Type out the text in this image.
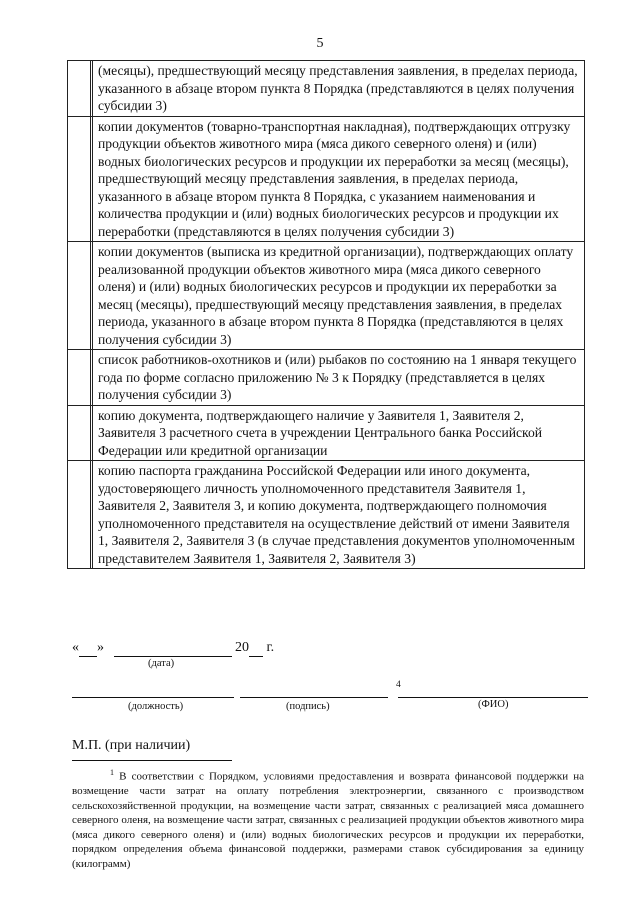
5
		(месяцы), предшествующий месяцу представления заявления, в пределах периода, указанного в абзаце втором пункта 8 Порядка (представляются в целях получения субсидии 3)
		копии документов (товарно-транспортная накладная), подтверждающих отгрузку продукции объектов животного мира (мяса дикого северного оленя) и (или) водных биологических ресурсов и продукции их переработки за месяц (месяцы), предшествующий месяцу представления заявления, в пределах периода, указанного в абзаце втором пункта 8 Порядка, с указанием наименования и количества продукции и (или) водных биологических ресурсов и продукции их переработки (представляются в целях получения субсидии 3)
		копии документов (выписка из кредитной организации), подтверждающих оплату реализованной продукции объектов животного мира (мяса дикого северного оленя) и (или) водных биологических ресурсов и продукции их переработки за месяц (месяцы), предшествующий месяцу представления заявления, в пределах периода, указанного в абзаце втором пункта 8 Порядка (представляются в целях получения субсидии 3)
		список работников-охотников и (или) рыбаков по состоянию на 1 января текущего года по форме согласно приложению № 3 к Порядку (представляется в целях получения субсидии 3)
		копию документа, подтверждающего наличие у Заявителя 1, Заявителя 2, Заявителя 3 расчетного счета в учреждении Центрального банка Российской Федерации или кредитной организации
		копию паспорта гражданина Российской Федерации или иного документа, удостоверяющего личность уполномоченного представителя Заявителя 1, Заявителя 2, Заявителя 3, и копию документа, подтверждающего полномочия уполномоченного представителя на осуществление действий от имени Заявителя 1, Заявителя 2, Заявителя 3 (в случае представления документов уполномоченным представителем Заявителя 1, Заявителя 2, Заявителя 3)
« »	20 г.
(дата)
4
(должность)	(подпись)	(ФИО)
М.П. (при наличии)
$^1$ В соответствии с Порядком, условиями предоставления и возврата финансовой поддержки на возмещение части затрат на оплату потребления электроэнергии, связанного с производством сельскохозяйственной продукции, на возмещение части затрат, связанных с реализацией мяса домашнего северного оленя, на возмещение части затрат, связанных с реализацией продукции объектов животного мира (мяса дикого северного оленя) и (или) водных биологических ресурсов и продукции их переработки, порядком определения объема финансовой поддержки, размерами ставок субсидирования за единицу (килограмм)
